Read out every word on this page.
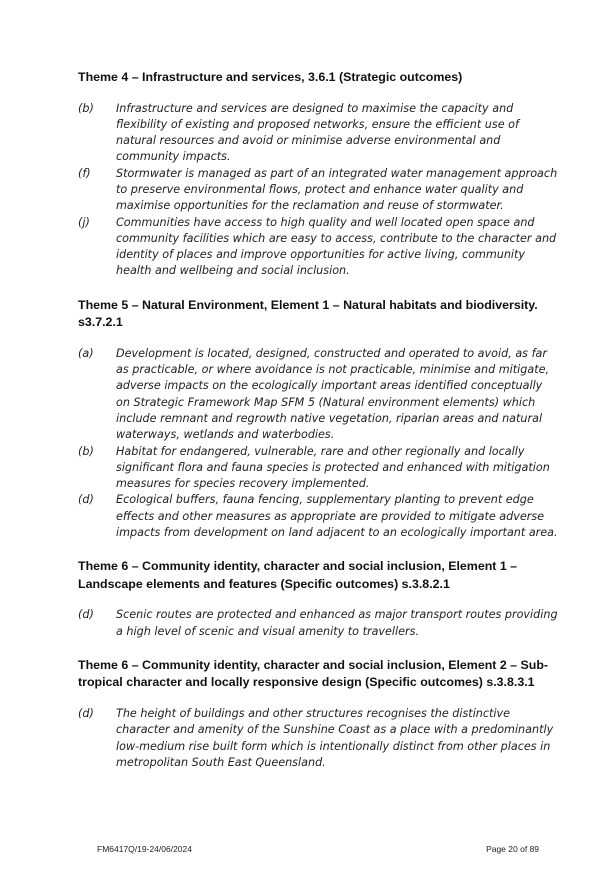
Theme 4 – Infrastructure and services, 3.6.1 (Strategic outcomes)
(b)	Infrastructure and services are designed to maximise the capacity and flexibility of existing and proposed networks, ensure the efficient use of natural resources and avoid or minimise adverse environmental and community impacts.
(f)	Stormwater is managed as part of an integrated water management approach to preserve environmental flows, protect and enhance water quality and maximise opportunities for the reclamation and reuse of stormwater.
(j)	Communities have access to high quality and well located open space and community facilities which are easy to access, contribute to the character and identity of places and improve opportunities for active living, community health and wellbeing and social inclusion.
Theme 5 – Natural Environment, Element 1 – Natural habitats and biodiversity. s3.7.2.1
(a)	Development is located, designed, constructed and operated to avoid, as far as practicable, or where avoidance is not practicable, minimise and mitigate, adverse impacts on the ecologically important areas identified conceptually on Strategic Framework Map SFM 5 (Natural environment elements) which include remnant and regrowth native vegetation, riparian areas and natural waterways, wetlands and waterbodies.
(b)	Habitat for endangered, vulnerable, rare and other regionally and locally significant flora and fauna species is protected and enhanced with mitigation measures for species recovery implemented.
(d)	Ecological buffers, fauna fencing, supplementary planting to prevent edge effects and other measures as appropriate are provided to mitigate adverse impacts from development on land adjacent to an ecologically important area.
Theme 6 – Community identity, character and social inclusion, Element 1 – Landscape elements and features (Specific outcomes) s.3.8.2.1
(d)	Scenic routes are protected and enhanced as major transport routes providing a high level of scenic and visual amenity to travellers.
Theme 6 – Community identity, character and social inclusion, Element 2 – Sub-tropical character and locally responsive design (Specific outcomes) s.3.8.3.1
(d)	The height of buildings and other structures recognises the distinctive character and amenity of the Sunshine Coast as a place with a predominantly low-medium rise built form which is intentionally distinct from other places in metropolitan South East Queensland.
FM6417Q/19-24/06/2024	Page 20 of 89
